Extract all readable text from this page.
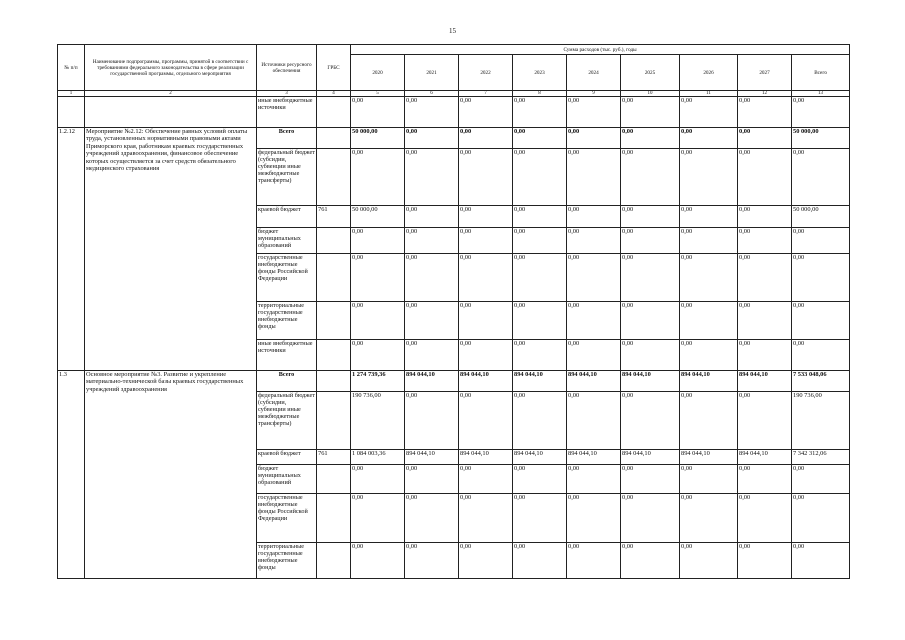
15
№ п/п	Наименование подпрограммы, программы, принятой в соответствии с требованиями федерального законодательства в сфере реализации государственной программы, отдельного мероприятия	Источники ресурсного обеспечения	ГРБС	Сумма расходов (тыс. руб.), годы								
				2020	2021	2022	2023	2024	2025	2026	2027	Всего
1	2	3	4	5	6	7	8	9	10	11	12	13
		иные внебюджетные источники		0,00	0,00	0,00	0,00	0,00	0,00	0,00	0,00	0,00
1.2.12	Мероприятие №2.12: Обеспечение равных условий оплаты труда, установленных нормативными правовыми актами Приморского края, работникам краевых государственных учреждений здравоохранения, финансовое обеспечение которых осуществляется за счет средств обязательного медицинского страхования	Всего		50 000,00	0,00	0,00	0,00	0,00	0,00	0,00	0,00	50 000,00
		федеральный бюджет (субсидии, субвенции иные межбюджетные трансферты)		0,00	0,00	0,00	0,00	0,00	0,00	0,00	0,00	0,00
		краевой бюджет	761	50 000,00	0,00	0,00	0,00	0,00	0,00	0,00	0,00	50 000,00
		бюджет муниципальных образований		0,00	0,00	0,00	0,00	0,00	0,00	0,00	0,00	0,00
		государственные внебюджетные фонды Российской Федерации		0,00	0,00	0,00	0,00	0,00	0,00	0,00	0,00	0,00
		территориальные государственные внебюджетные фонды		0,00	0,00	0,00	0,00	0,00	0,00	0,00	0,00	0,00
		иные внебюджетные источники		0,00	0,00	0,00	0,00	0,00	0,00	0,00	0,00	0,00
1.3	Основное мероприятие №3. Развитие и укрепление материально-технической базы краевых государственных учреждений здравоохранения	Всего		1 274 739,36	894 044,10	894 044,10	894 044,10	894 044,10	894 044,10	894 044,10	894 044,10	7 533 048,06
		федеральный бюджет (субсидии, субвенции иные межбюджетные трансферты)		190 736,00	0,00	0,00	0,00	0,00	0,00	0,00	0,00	190 736,00
		краевой бюджет	761	1 084 003,36	894 044,10	894 044,10	894 044,10	894 044,10	894 044,10	894 044,10	894 044,10	7 342 312,06
		бюджет муниципальных образований		0,00	0,00	0,00	0,00	0,00	0,00	0,00	0,00	0,00
		государственные внебюджетные фонды Российской Федерации		0,00	0,00	0,00	0,00	0,00	0,00	0,00	0,00	0,00
		территориальные государственные внебюджетные фонды		0,00	0,00	0,00	0,00	0,00	0,00	0,00	0,00	0,00
